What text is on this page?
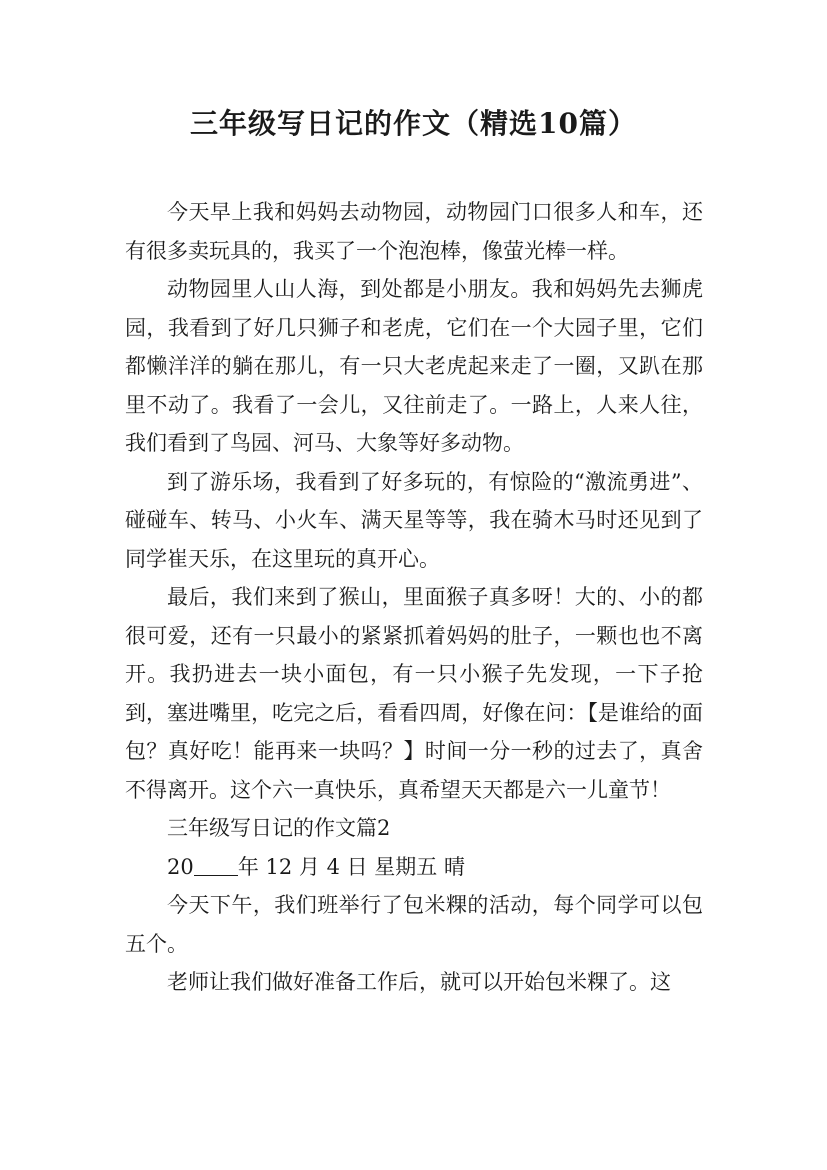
三年级写日记的作文（精选10篇）

今天早上我和妈妈去动物园，动物园门口很多人和车，还有很多卖玩具的，我买了一个泡泡棒，像萤光棒一样。

动物园里人山人海，到处都是小朋友。我和妈妈先去狮虎园，我看到了好几只狮子和老虎，它们在一个大园子里，它们都懒洋洋的躺在那儿，有一只大老虎起来走了一圈，又趴在那里不动了。我看了一会儿，又往前走了。一路上，人来人往，我们看到了鸟园、河马、大象等好多动物。

到了游乐场，我看到了好多玩的，有惊险的“激流勇进”、碰碰车、转马、小火车、满天星等等，我在骑木马时还见到了同学崔天乐，在这里玩的真开心。

最后，我们来到了猴山，里面猴子真多呀！大的、小的都很可爱，还有一只最小的紧紧抓着妈妈的肚子，一颗也也不离开。我扔进去一块小面包，有一只小猴子先发现，一下子抢到，塞进嘴里，吃完之后，看看四周，好像在问：【是谁给的面包？真好吃！能再来一块吗？】时间一分一秒的过去了，真舍不得离开。这个六一真快乐，真希望天天都是六一儿童节！

三年级写日记的作文篇2

20 年 12 月 4 日 星期五 晴

今天下午，我们班举行了包米粿的活动，每个同学可以包五个。

老师让我们做好准备工作后，就可以开始包米粿了。这
